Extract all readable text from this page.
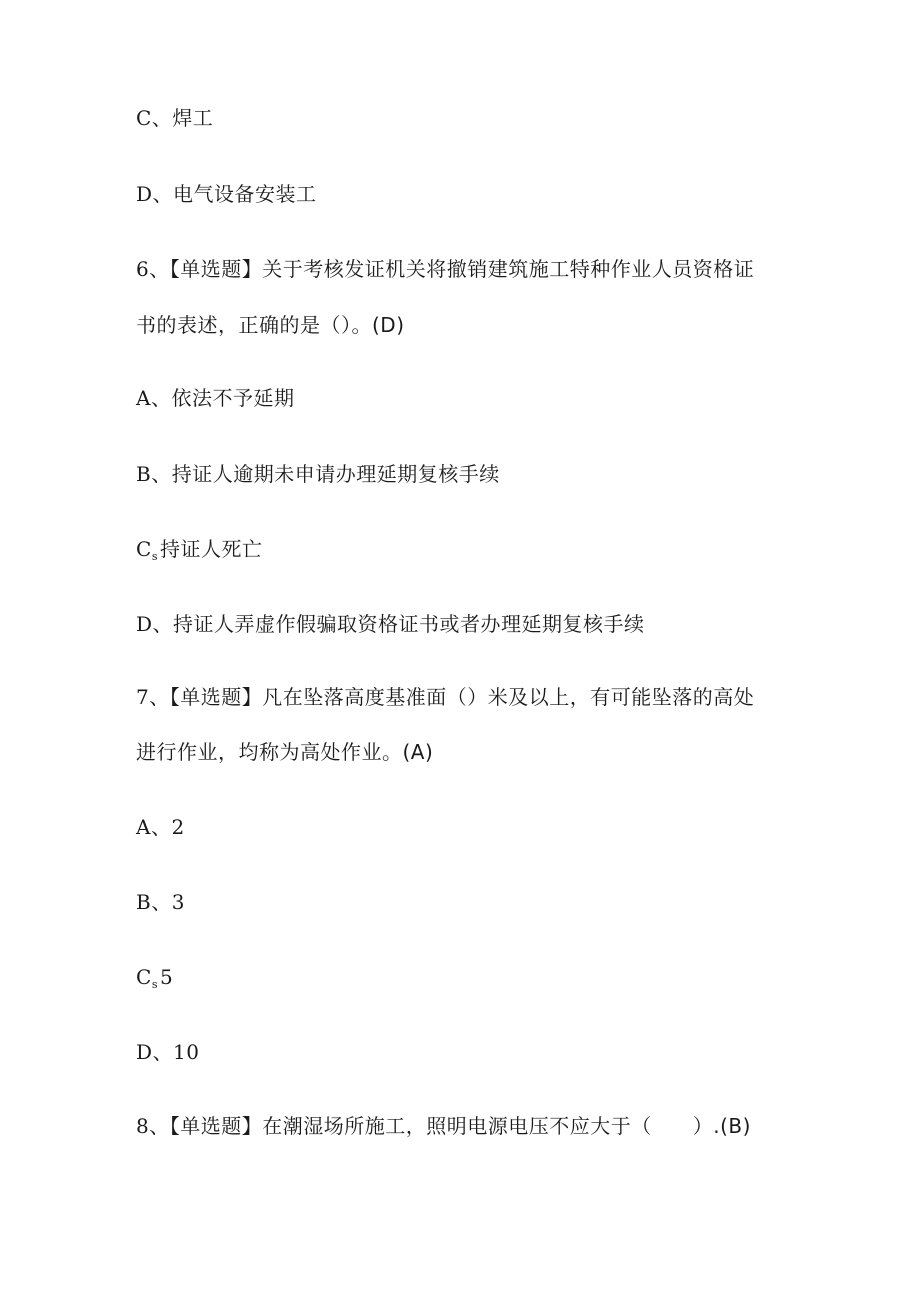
C、焊工
D、电气设备安装工
6、【单选题】关于考核发证机关将撤销建筑施工特种作业人员资格证
书的表述，正确的是（）。(D)
A、依法不予延期
B、持证人逾期未申请办理延期复核手续
$C_s$ 持证人死亡
D、持证人弄虚作假骗取资格证书或者办理延期复核手续
7、【单选题】凡在坠落高度基准面（）米及以上，有可能坠落的高处
进行作业，均称为高处作业。(A)
A、2
B、3
$C_s$ 5
D、10
8、【单选题】在潮湿场所施工，照明电源电压不应大于（　　）.(B)
